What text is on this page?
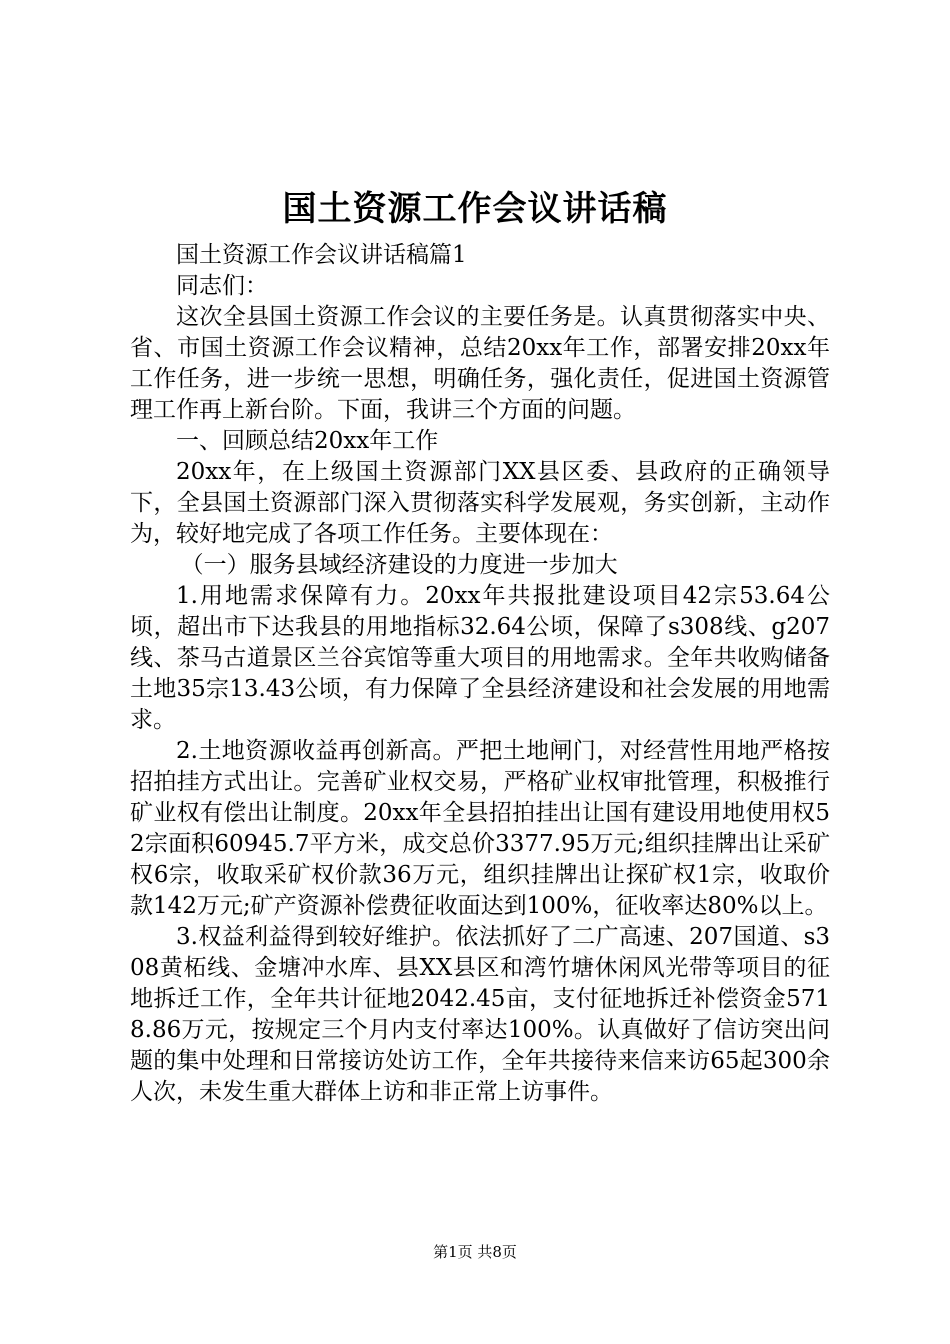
国土资源工作会议讲话稿

国土资源工作会议讲话稿篇1

同志们：

这次全县国土资源工作会议的主要任务是。认真贯彻落实中央、省、市国土资源工作会议精神，总结20xx年工作，部署安排20xx年工作任务，进一步统一思想，明确任务，强化责任，促进国土资源管理工作再上新台阶。下面，我讲三个方面的问题。

一、回顾总结20xx年工作

20xx年，在上级国土资源部门XX县区委、县政府的正确领导下，全县国土资源部门深入贯彻落实科学发展观，务实创新，主动作为，较好地完成了各项工作任务。主要体现在：

（一）服务县域经济建设的力度进一步加大

1.用地需求保障有力。20xx年共报批建设项目42宗53.64公顷，超出市下达我县的用地指标32.64公顷，保障了s308线、g207线、茶马古道景区兰谷宾馆等重大项目的用地需求。全年共收购储备土地35宗13.43公顷，有力保障了全县经济建设和社会发展的用地需求。

2.土地资源收益再创新高。严把土地闸门，对经营性用地严格按招拍挂方式出让。完善矿业权交易，严格矿业权审批管理，积极推行矿业权有偿出让制度。20xx年全县招拍挂出让国有建设用地使用权52宗面积60945.7平方米，成交总价3377.95万元;组织挂牌出让采矿权6宗，收取采矿权价款36万元，组织挂牌出让探矿权1宗，收取价款142万元;矿产资源补偿费征收面达到100%，征收率达80%以上。

3.权益利益得到较好维护。依法抓好了二广高速、207国道、s308黄柘线、金塘冲水库、县XX县区和湾竹塘休闲风光带等项目的征地拆迁工作，全年共计征地2042.45亩，支付征地拆迁补偿资金5718.86万元，按规定三个月内支付率达100%。认真做好了信访突出问题的集中处理和日常接访处访工作，全年共接待来信来访65起300余人次，未发生重大群体上访和非正常上访事件。

第1页 共8页
